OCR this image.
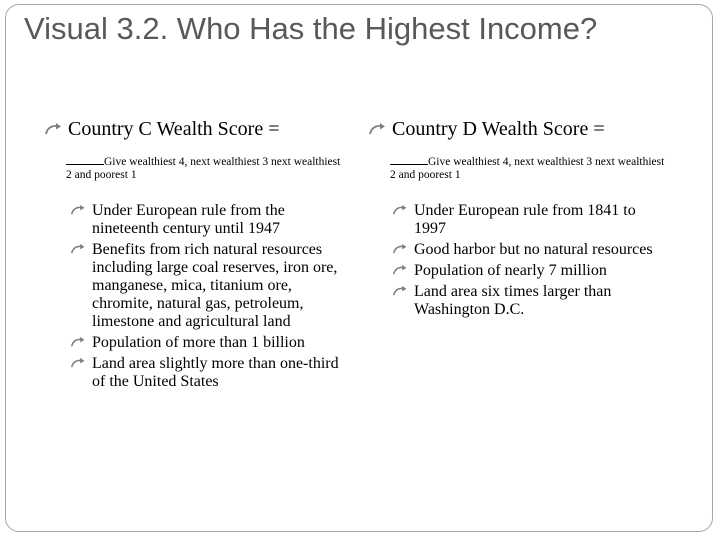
Visual 3.2. Who Has the Highest Income?
Country C Wealth Score =
Give wealthiest 4, next wealthiest 3 next wealthiest 2 and poorest 1
Under European rule from the nineteenth century until 1947
Benefits from rich natural resources including large coal reserves, iron ore, manganese, mica, titanium ore, chromite, natural gas, petroleum, limestone and agricultural land
Population of more than 1 billion
Land area slightly more than one-third of the United States
Country D Wealth Score =
Give wealthiest 4, next wealthiest 3 next wealthiest 2 and poorest 1
Under European rule from 1841 to 1997
Good harbor but no natural resources
Population of nearly 7 million
Land area six times larger than Washington D.C.
